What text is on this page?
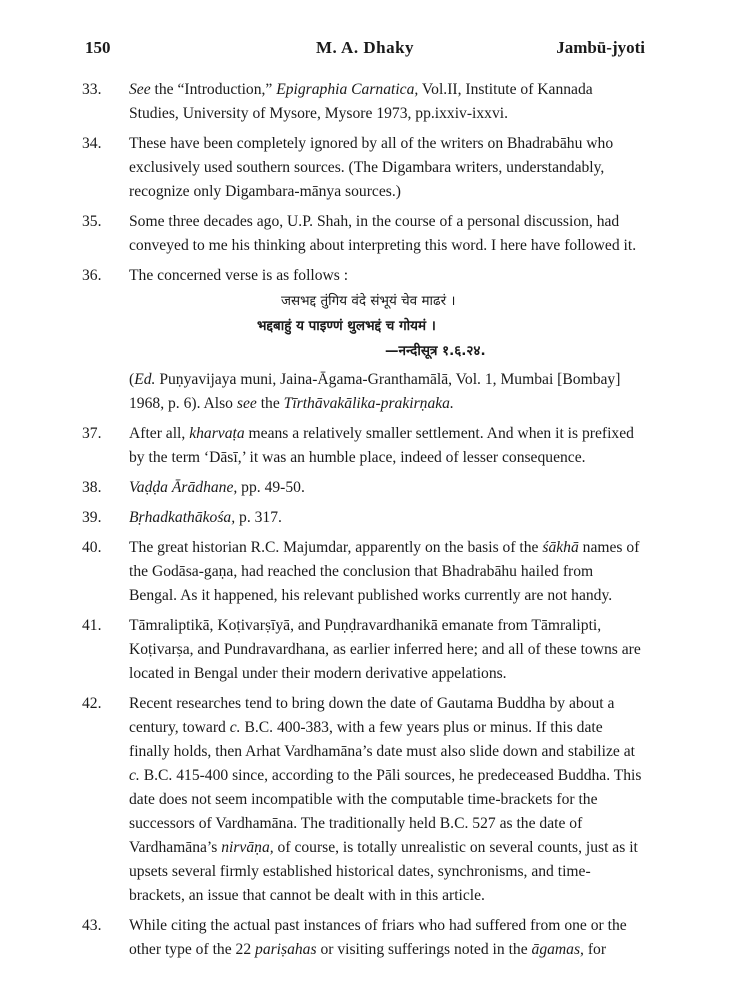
150	M. A. Dhaky	Jambū-jyoti
33.	See the “Introduction,” Epigraphia Carnatica, Vol.II, Institute of Kannada Studies, University of Mysore, Mysore 1973, pp.ixxiv-ixxvi.
34.	These have been completely ignored by all of the writers on Bhadrabāhu who exclusively used southern sources. (The Digambara writers, understandably, recognize only Digambara-mānya sources.)
35.	Some three decades ago, U.P. Shah, in the course of a personal discussion, had conveyed to me his thinking about interpreting this word. I here have followed it.
36.	The concerned verse is as follows :
जसभद्द तुंगिय वंदे संभूयं चेव माढरं ।
भद्दबाहुं य पाइण्णं थुलभद्दं च गोयमं ।
—नन्दीसूत्र १.६.२४.
(Ed. Puṇyavijaya muni, Jaina-Āgama-Granthamālā, Vol. 1, Mumbai [Bombay] 1968, p. 6). Also see the Tīrthāvakālika-prakirṇaka.
37.	After all, kharvaṭa means a relatively smaller settlement. And when it is prefixed by the term ‘Dāsī,’ it was an humble place, indeed of lesser consequence.
38.	Vaḍḍa Ārādhane, pp. 49-50.
39.	Bṛhadkathākośa, p. 317.
40.	The great historian R.C. Majumdar, apparently on the basis of the śākhā names of the Godāsa-gaṇa, had reached the conclusion that Bhadrabāhu hailed from Bengal. As it happened, his relevant published works currently are not handy.
41.	Tāmraliptikā, Koṭivarṣīyā, and Puṇḍravardhanikā emanate from Tāmralipti, Koṭivarṣa, and Pundravardhana, as earlier inferred here; and all of these towns are located in Bengal under their modern derivative appelations.
42.	Recent researches tend to bring down the date of Gautama Buddha by about a century, toward c. B.C. 400-383, with a few years plus or minus. If this date finally holds, then Arhat Vardhamāna’s date must also slide down and stabilize at c. B.C. 415-400 since, according to the Pāli sources, he predeceased Buddha. This date does not seem incompatible with the computable time-brackets for the successors of Vardhamāna. The traditionally held B.C. 527 as the date of Vardhamāna’s nirvāṇa, of course, is totally unrealistic on several counts, just as it upsets several firmly established historical dates, synchronisms, and time-brackets, an issue that cannot be dealt with in this article.
43.	While citing the actual past instances of friars who had suffered from one or the other type of the 22 pariṣahas or visiting sufferings noted in the āgamas, for
